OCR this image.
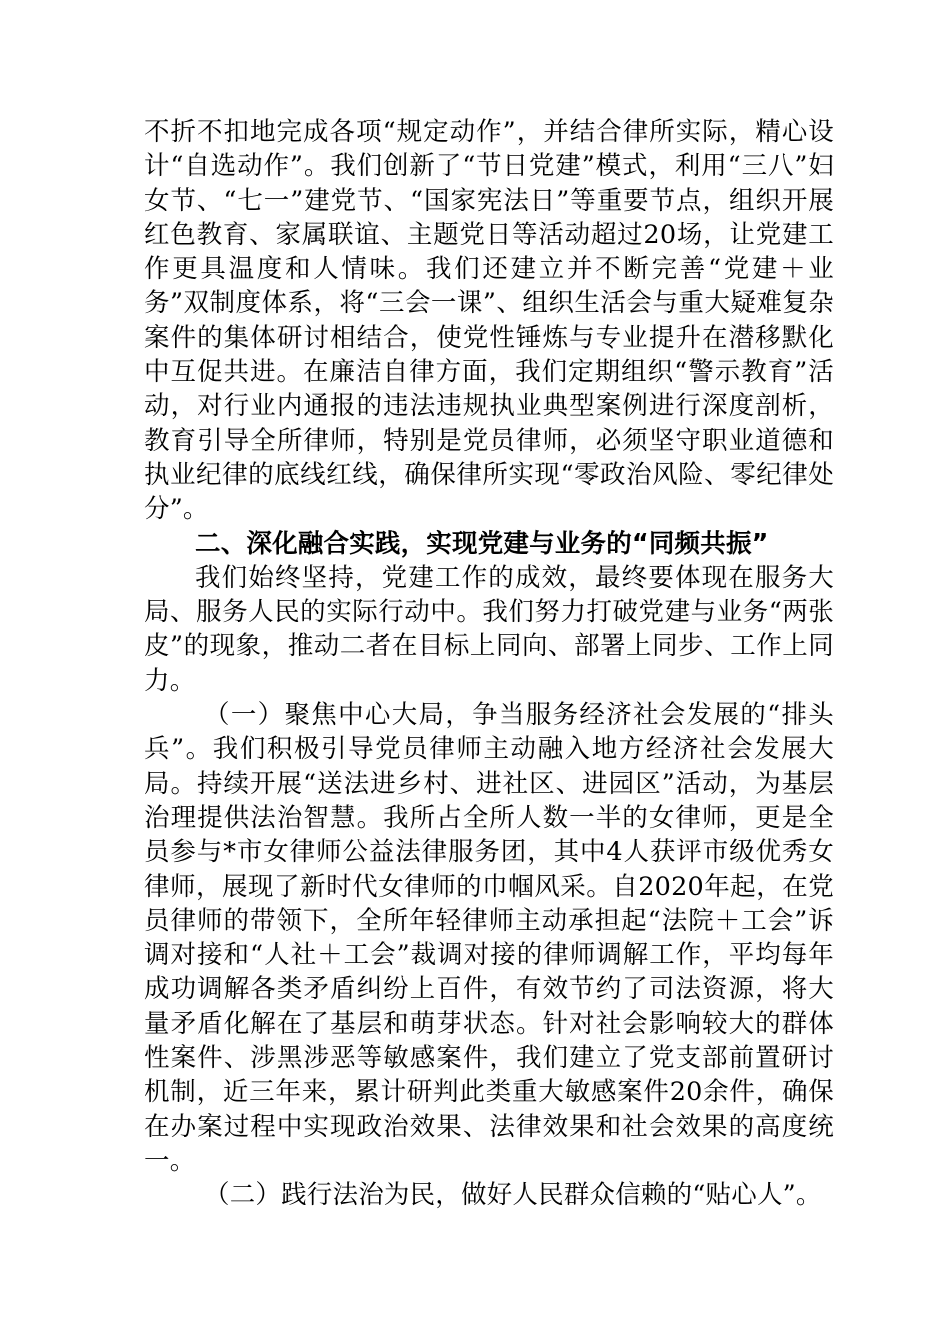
不折不扣地完成各项“规定动作”，并结合律所实际，精心设计“自选动作”。我们创新了“节日党建”模式，利用“三八”妇女节、“七一”建党节、“国家宪法日”等重要节点，组织开展红色教育、家属联谊、主题党日等活动超过20场，让党建工作更具温度和人情味。我们还建立并不断完善“党建＋业务”双制度体系，将“三会一课”、组织生活会与重大疑难复杂案件的集体研讨相结合，使党性锤炼与专业提升在潜移默化中互促共进。在廉洁自律方面，我们定期组织“警示教育”活动，对行业内通报的违法违规执业典型案例进行深度剖析，教育引导全所律师，特别是党员律师，必须坚守职业道德和执业纪律的底线红线，确保律所实现“零政治风险、零纪律处分”。

二、深化融合实践，实现党建与业务的“同频共振”

我们始终坚持，党建工作的成效，最终要体现在服务大局、服务人民的实际行动中。我们努力打破党建与业务“两张皮”的现象，推动二者在目标上同向、部署上同步、工作上同力。

（一）聚焦中心大局，争当服务经济社会发展的“排头兵”。我们积极引导党员律师主动融入地方经济社会发展大局。持续开展“送法进乡村、进社区、进园区”活动，为基层治理提供法治智慧。我所占全所人数一半的女律师，更是全员参与*市女律师公益法律服务团，其中4人获评市级优秀女律师，展现了新时代女律师的巾帼风采。自2020年起，在党员律师的带领下，全所年轻律师主动承担起“法院＋工会”诉调对接和“人社＋工会”裁调对接的律师调解工作，平均每年成功调解各类矛盾纠纷上百件，有效节约了司法资源，将大量矛盾化解在了基层和萌芽状态。针对社会影响较大的群体性案件、涉黑涉恶等敏感案件，我们建立了党支部前置研讨机制，近三年来，累计研判此类重大敏感案件20余件，确保在办案过程中实现政治效果、法律效果和社会效果的高度统一。

（二）践行法治为民，做好人民群众信赖的“贴心人”。
